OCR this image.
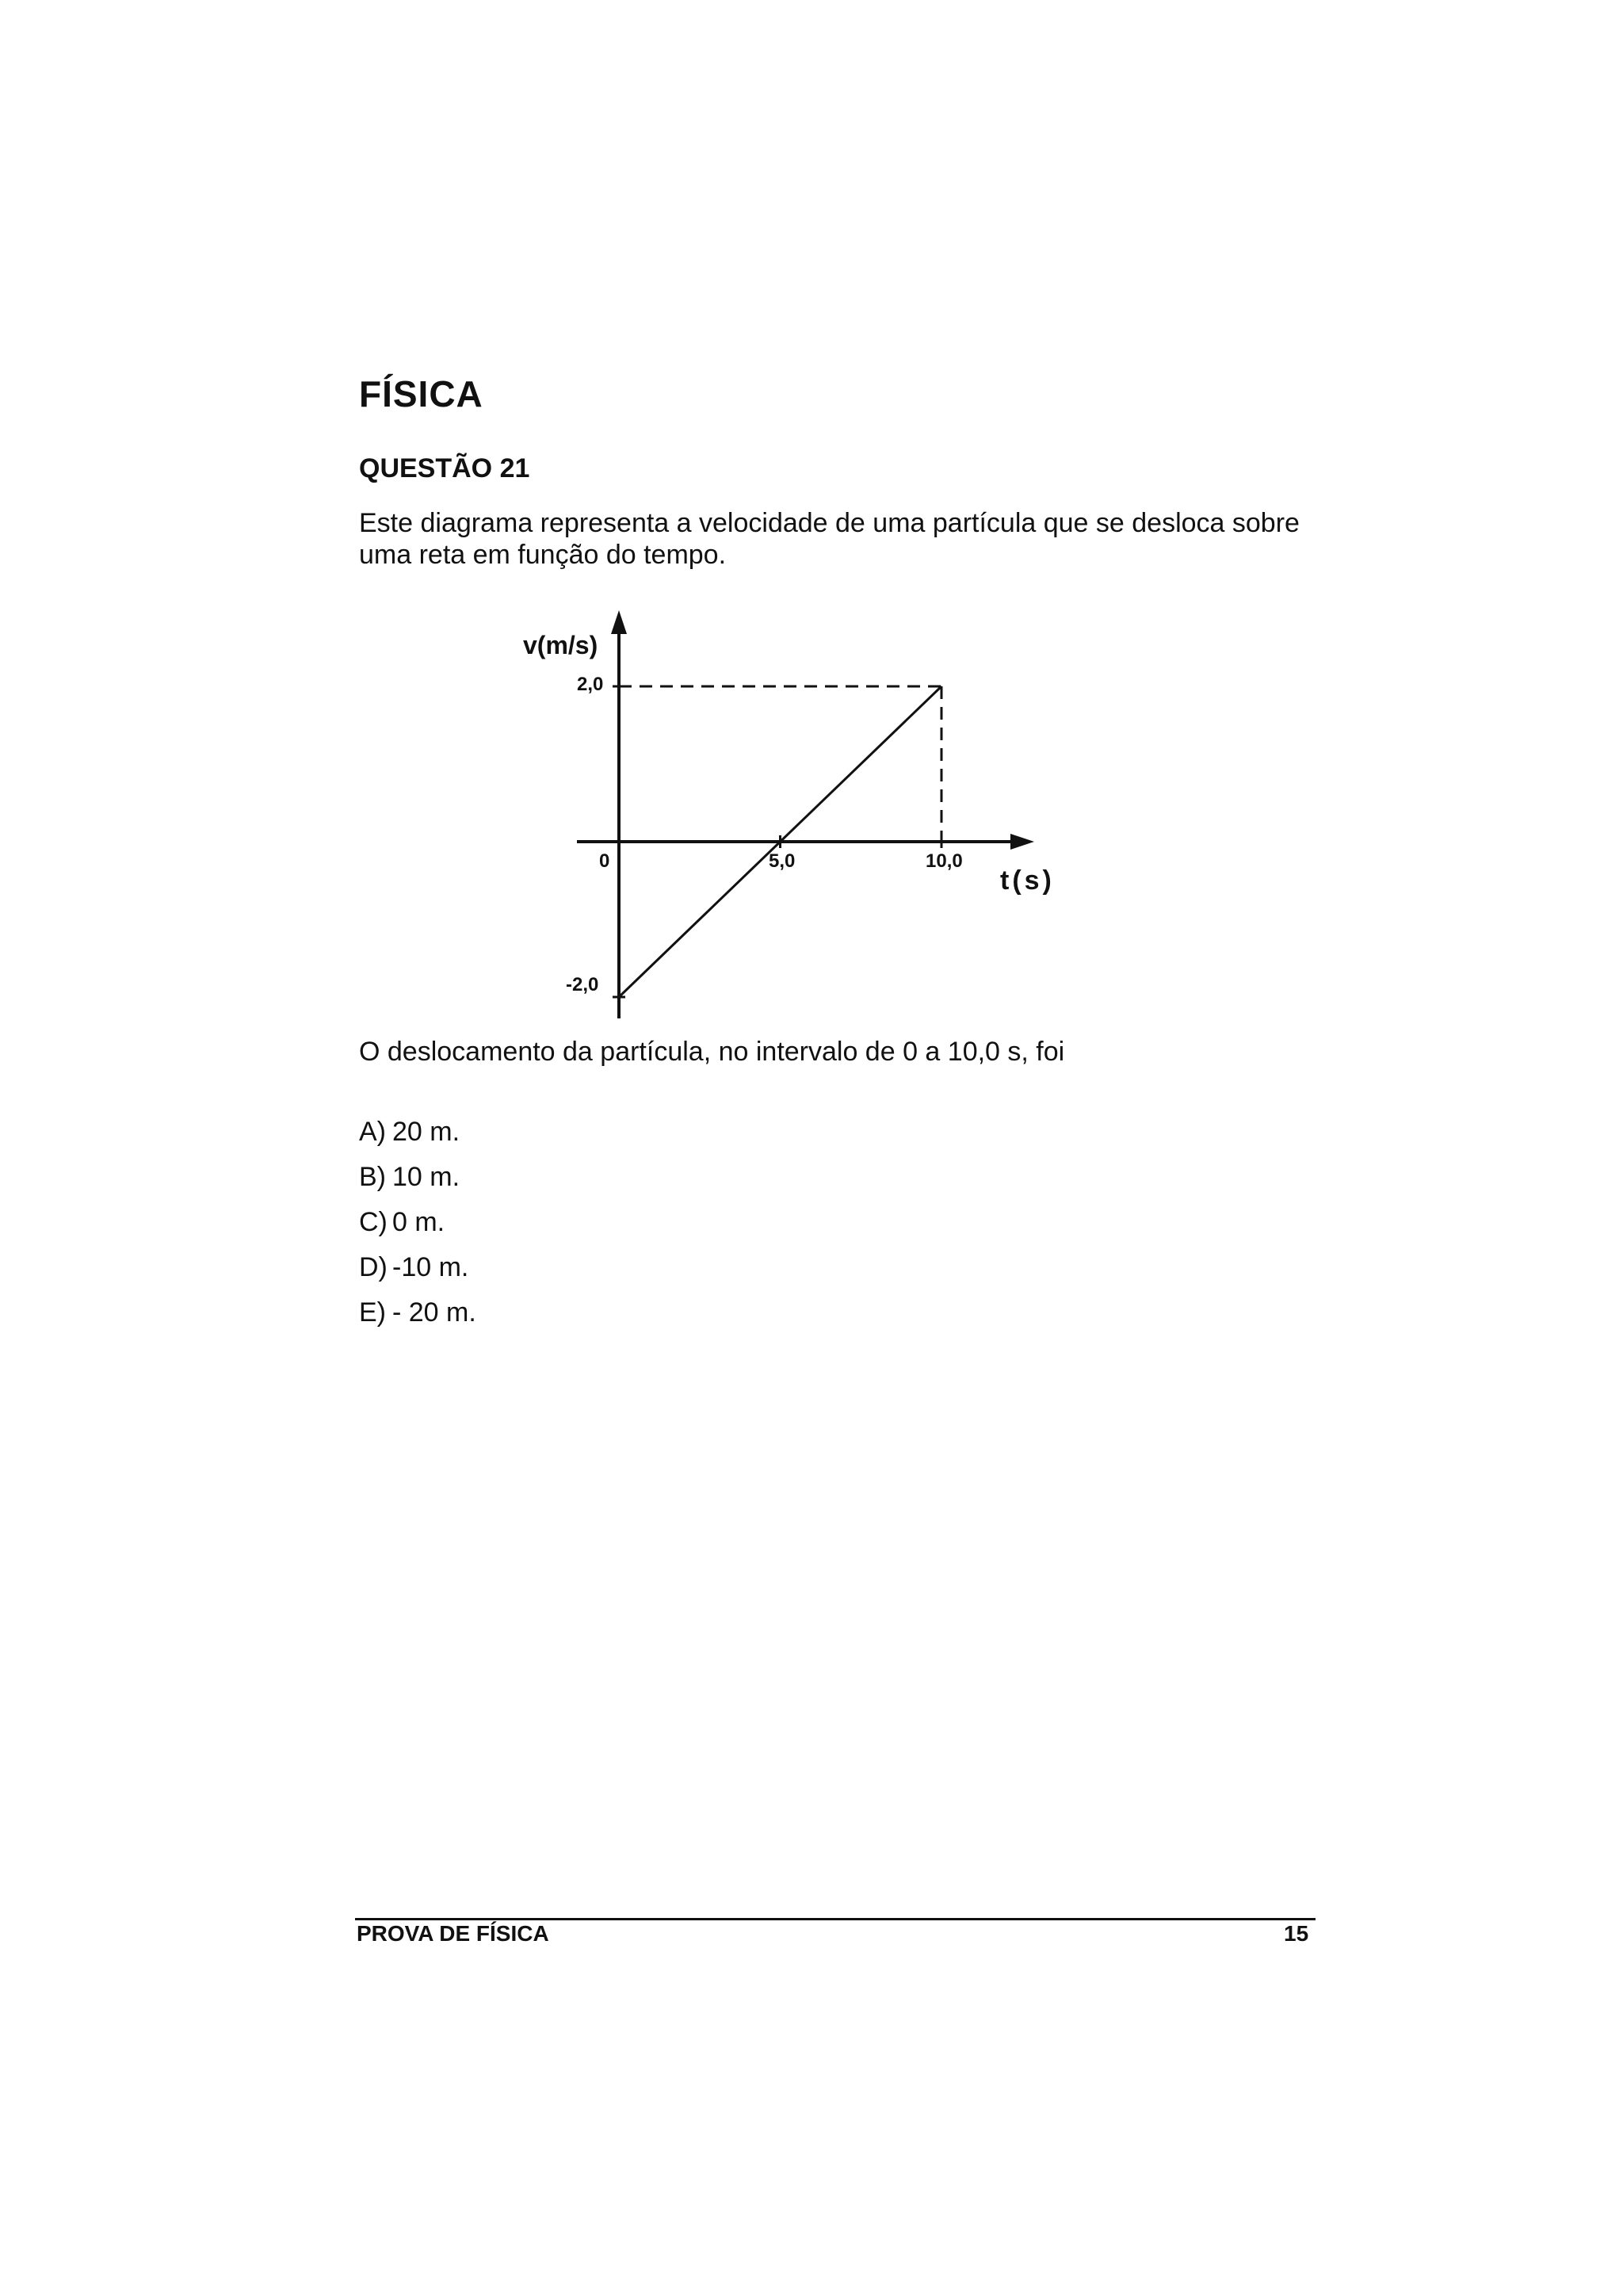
FÍSICA
QUESTÃO 21
Este diagrama representa a velocidade de uma partícula que se desloca sobre uma reta em função do tempo.
v(m/s)
t(s)
0	5,0	10,0
2,0
-2,0
O deslocamento da partícula, no intervalo de 0 a 10,0 s, foi
A) 20 m.
B) 10 m.
C) 0 m.
D) -10 m.
E) - 20 m.
PROVA DE FÍSICA	15
